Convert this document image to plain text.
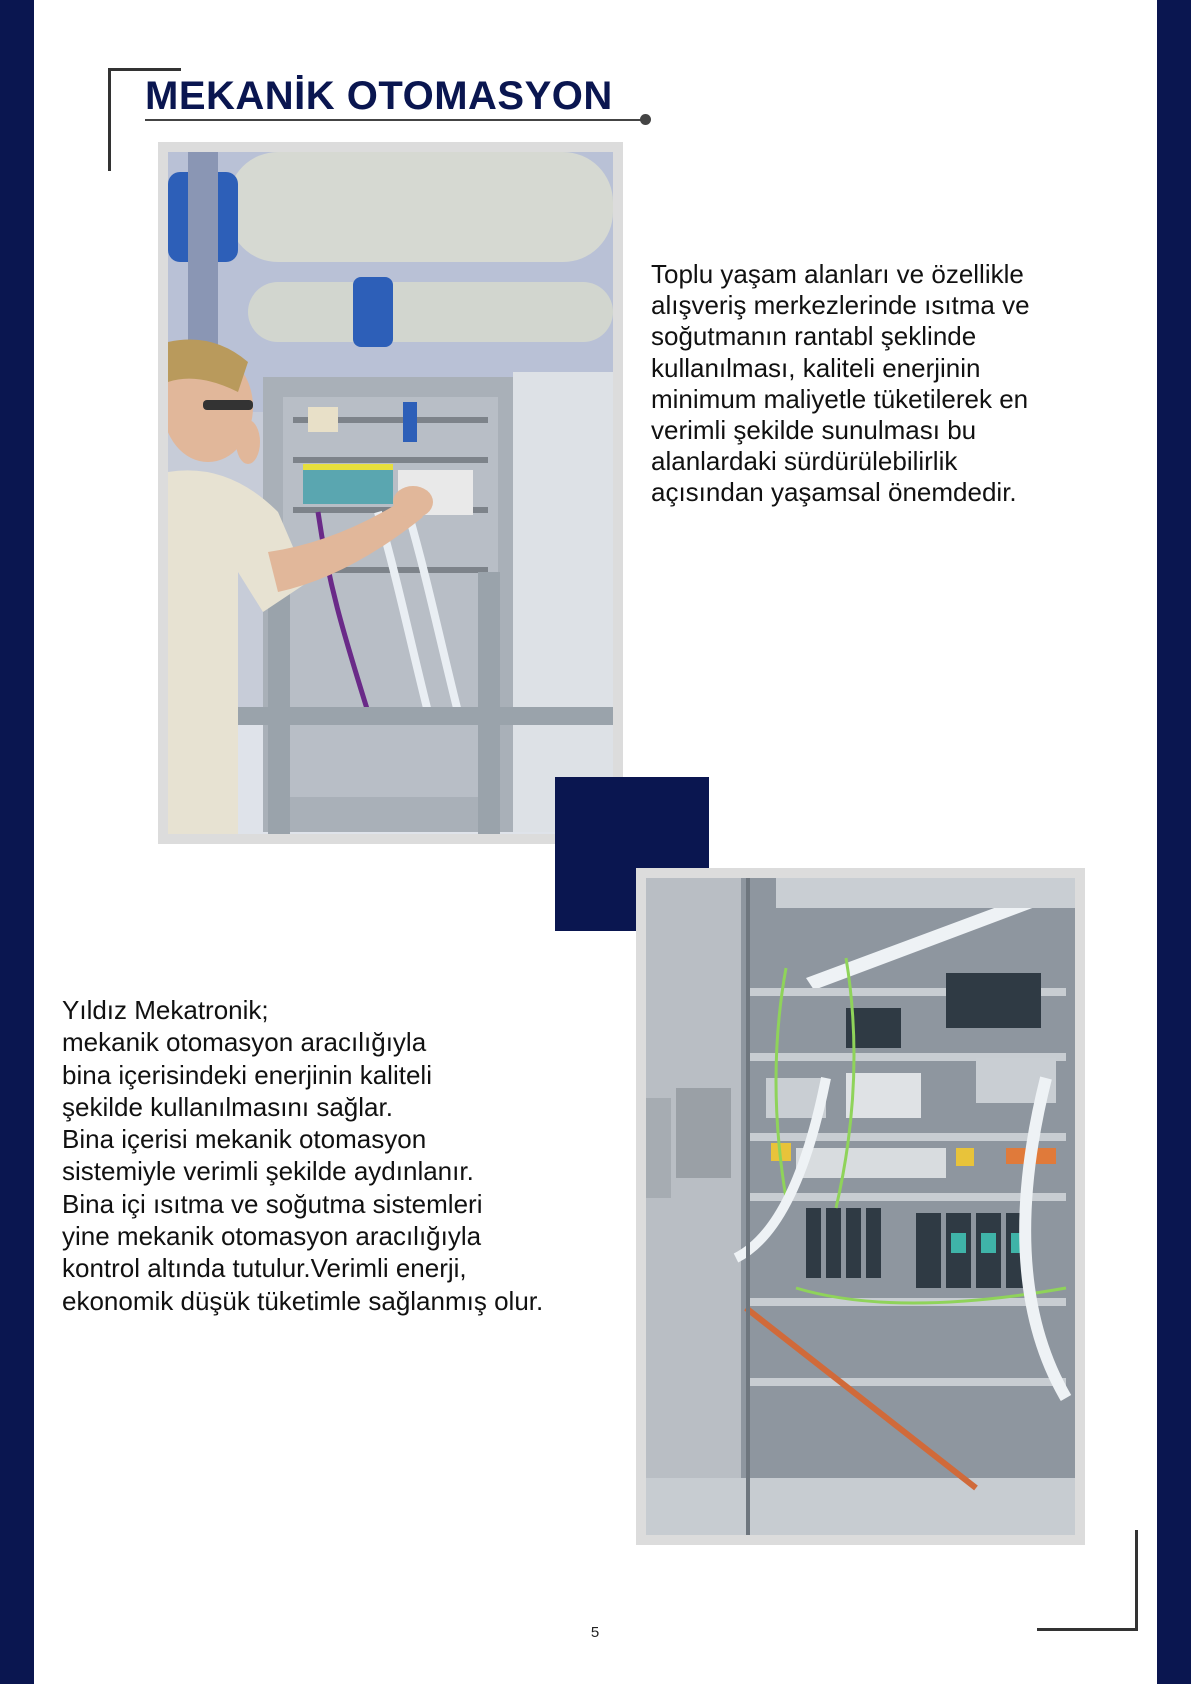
MEKANİK OTOMASYON

Toplu yaşam alanları ve özellikle
alışveriş merkezlerinde ısıtma ve
soğutmanın rantabl şeklinde
kullanılması, kaliteli enerjinin
minimum maliyetle tüketilerek en
verimli şekilde sunulması bu
alanlardaki sürdürülebilirlik
açısından yaşamsal önemdedir.

Yıldız Mekatronik;
mekanik otomasyon aracılığıyla
bina içerisindeki enerjinin kaliteli
şekilde kullanılmasını sağlar.
Bina içerisi mekanik otomasyon
sistemiyle verimli şekilde aydınlanır.
Bina içi ısıtma ve soğutma sistemleri
yine mekanik otomasyon aracılığıyla
kontrol altında tutulur.Verimli enerji,
ekonomik düşük tüketimle sağlanmış olur.

5
